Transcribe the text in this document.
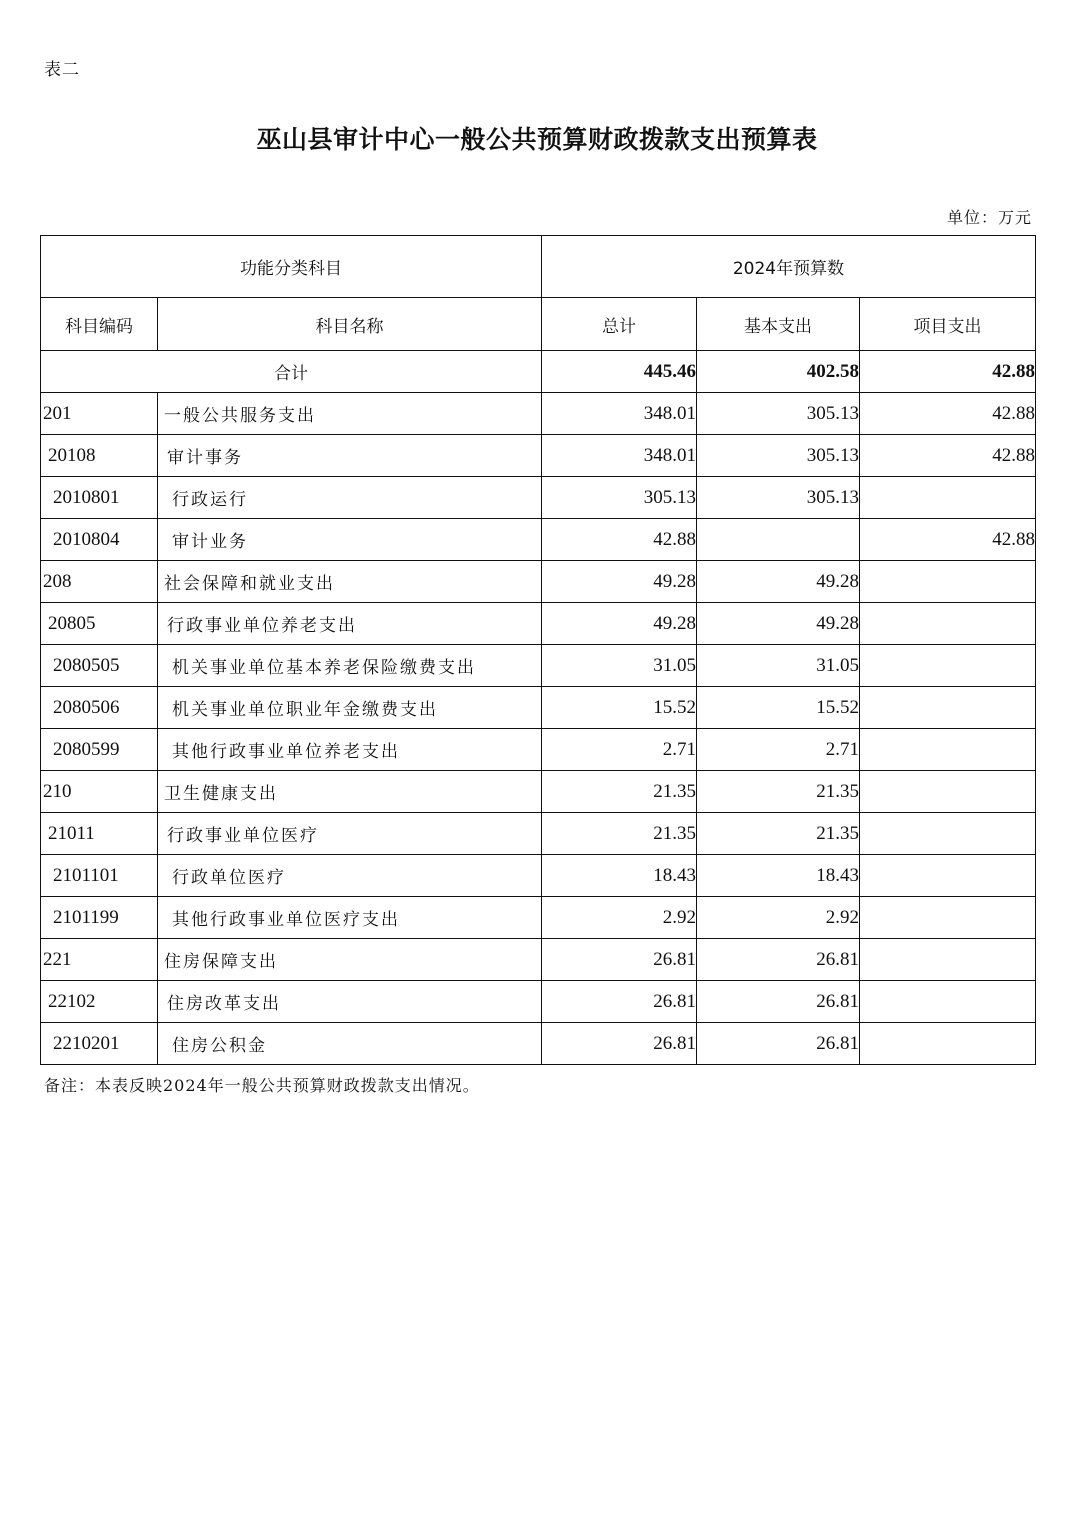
表二
巫山县审计中心一般公共预算财政拨款支出预算表
单位：万元
功能分类科目		2024年预算数		
科目编码	科目名称	总计	基本支出	项目支出
合计		445.46	402.58	42.88
201	一般公共服务支出	348.01	305.13	42.88
20108	审计事务	348.01	305.13	42.88
2010801	行政运行	305.13	305.13	
2010804	审计业务	42.88		42.88
208	社会保障和就业支出	49.28	49.28	
20805	行政事业单位养老支出	49.28	49.28	
2080505	机关事业单位基本养老保险缴费支出	31.05	31.05	
2080506	机关事业单位职业年金缴费支出	15.52	15.52	
2080599	其他行政事业单位养老支出	2.71	2.71	
210	卫生健康支出	21.35	21.35	
21011	行政事业单位医疗	21.35	21.35	
2101101	行政单位医疗	18.43	18.43	
2101199	其他行政事业单位医疗支出	2.92	2.92	
221	住房保障支出	26.81	26.81	
22102	住房改革支出	26.81	26.81	
2210201	住房公积金	26.81	26.81	
备注：本表反映2024年一般公共预算财政拨款支出情况。
